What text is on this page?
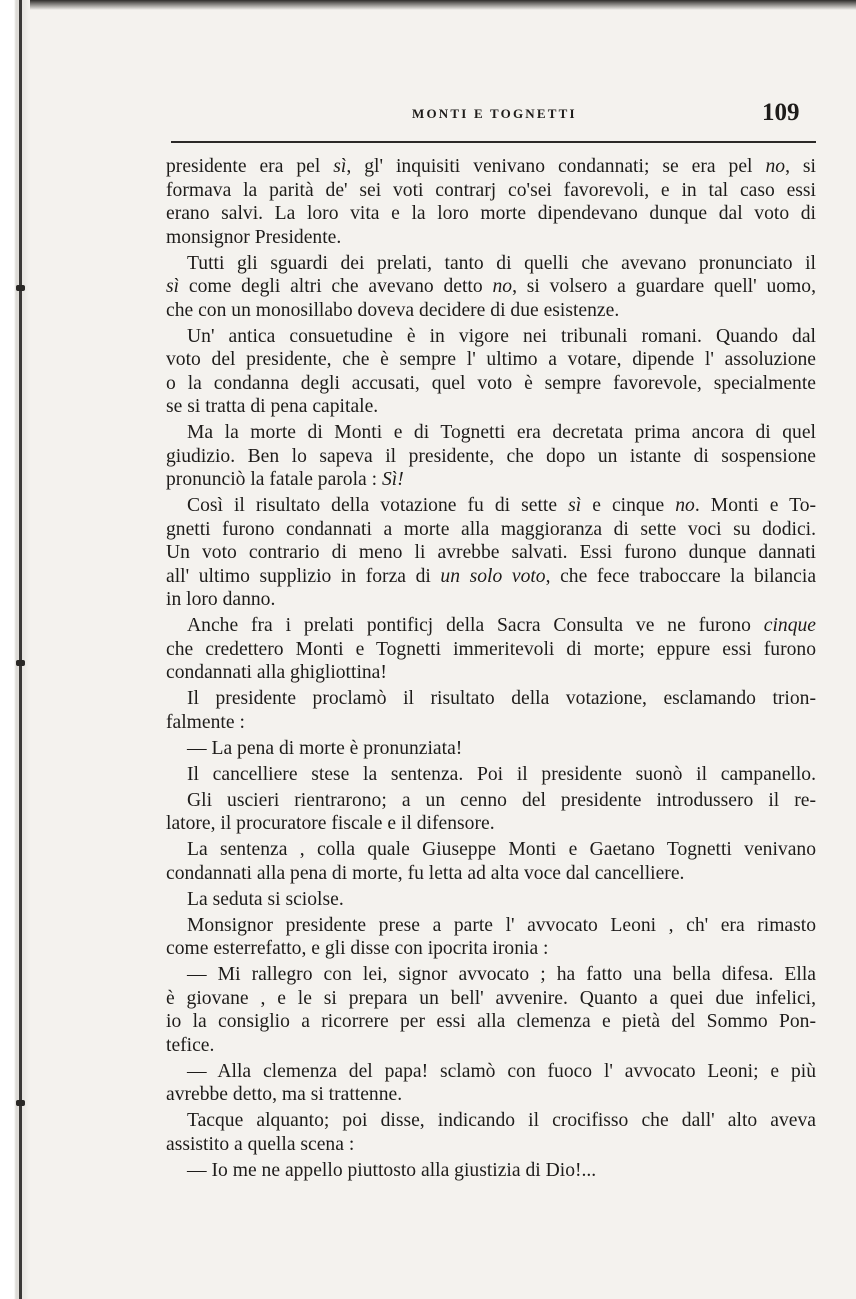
MONTI E TOGNETTI	109
presidente era pel sì, gl' inquisiti venivano condannati; se era pel no, si
formava la parità de' sei voti contrarj co'sei favorevoli, e in tal caso essi
erano salvi. La loro vita e la loro morte dipendevano dunque dal voto di
monsignor Presidente.
Tutti gli sguardi dei prelati, tanto di quelli che avevano pronunciato il
sì come degli altri che avevano detto no, si volsero a guardare quell' uomo,
che con un monosillabo doveva decidere di due esistenze.
Un' antica consuetudine è in vigore nei tribunali romani. Quando dal
voto del presidente, che è sempre l' ultimo a votare, dipende l' assoluzione
o la condanna degli accusati, quel voto è sempre favorevole, specialmente
se si tratta di pena capitale.
Ma la morte di Monti e di Tognetti era decretata prima ancora di quel
giudizio. Ben lo sapeva il presidente, che dopo un istante di sospensione
pronunciò la fatale parola : Sì!
Così il risultato della votazione fu di sette sì e cinque no. Monti e To-
gnetti furono condannati a morte alla maggioranza di sette voci su dodici.
Un voto contrario di meno li avrebbe salvati. Essi furono dunque dannati
all' ultimo supplizio in forza di un solo voto, che fece traboccare la bilancia
in loro danno.
Anche fra i prelati pontificj della Sacra Consulta ve ne furono cinque
che credettero Monti e Tognetti immeritevoli di morte; eppure essi furono
condannati alla ghigliottina!
Il presidente proclamò il risultato della votazione, esclamando trion-
falmente :
— La pena di morte è pronunziata!
Il cancelliere stese la sentenza. Poi il presidente suonò il campanello.
Gli uscieri rientrarono; a un cenno del presidente introdussero il re-
latore, il procuratore fiscale e il difensore.
La sentenza , colla quale Giuseppe Monti e Gaetano Tognetti venivano
condannati alla pena di morte, fu letta ad alta voce dal cancelliere.
La seduta si sciolse.
Monsignor presidente prese a parte l' avvocato Leoni , ch' era rimasto
come esterrefatto, e gli disse con ipocrita ironia :
— Mi rallegro con lei, signor avvocato ; ha fatto una bella difesa. Ella
è giovane , e le si prepara un bell' avvenire. Quanto a quei due infelici,
io la consiglio a ricorrere per essi alla clemenza e pietà del Sommo Pon-
tefice.
— Alla clemenza del papa! sclamò con fuoco l' avvocato Leoni; e più
avrebbe detto, ma si trattenne.
Tacque alquanto; poi disse, indicando il crocifisso che dall' alto aveva
assistito a quella scena :
— Io me ne appello piuttosto alla giustizia di Dio!...
